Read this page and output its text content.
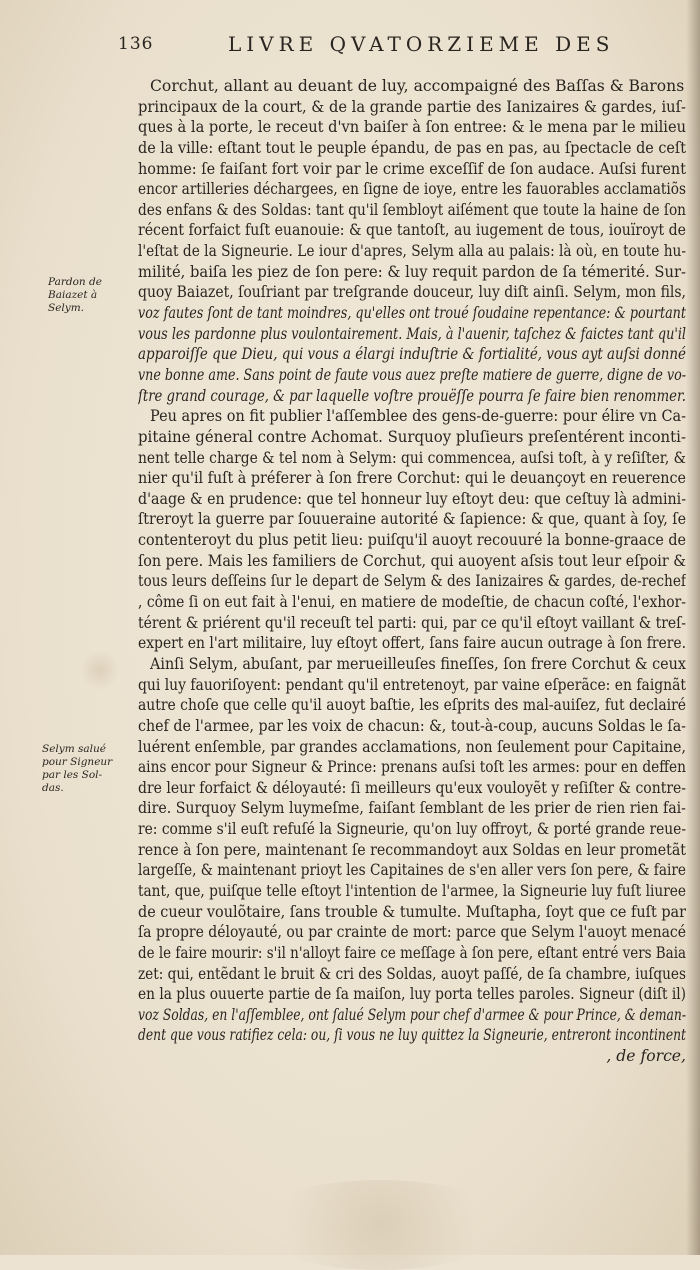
136	LIVRE QVATORZIEME DES
Pardon de
Baiazet à
Selym.
Selym salué
pour Signeur
par les Sol-
das.
Corchut, allant au deuant de luy, accompaigné des Baſſas & Barons
principaux de la court, & de la grande partie des Ianizaires & gardes, iuſ-
ques à la porte, le receut d'vn baiſer à ſon entree: & le mena par le milieu
de la ville: eſtant tout le peuple épandu, de pas en pas, au ſpectacle de ceſt
homme: ſe faiſant fort voir par le crime exceſſif de ſon audace. Auſsi furent
encor artilleries déchargees, en ſigne de ioye, entre les fauorables acclamatiõs
des enfans & des Soldas: tant qu'il ſembloyt aiſément que toute la haine de ſon
récent forfaict fuſt euanouie: & que tantoſt, au iugement de tous, iouïroyt de
l'eſtat de la Signeurie. Le iour d'apres, Selym alla au palais: là où, en toute hu-
milité, baiſa les piez de ſon pere: & luy requit pardon de ſa témerité. Sur-
quoy Baiazet, ſouſriant par treſgrande douceur, luy diſt ainſi. Selym, mon fils,
voz fautes ſont de tant moindres, qu'elles ont troué ſoudaine repentance: & pourtant
vous les pardonne plus voulontairement. Mais, à l'auenir, taſchez & faictes tant qu'il
apparoiſſe que Dieu, qui vous a élargi induſtrie & fortialité, vous ayt auſsi donné
vne bonne ame. Sans point de faute vous auez preſte matiere de guerre, digne de vo-
ſtre grand courage, & par laquelle voſtre prouëſſe pourra ſe faire bien renommer.
Peu apres on fit publier l'aſſemblee des gens-de-guerre: pour élire vn Ca-
pitaine géneral contre Achomat. Surquoy pluſieurs preſentérent inconti-
nent telle charge & tel nom à Selym: qui commencea, auſsi toſt, à y reſiſter, &
nier qu'il fuſt à préferer à ſon frere Corchut: qui le deuançoyt en reuerence
d'aage & en prudence: que tel honneur luy eſtoyt deu: que ceſtuy là admini-
ſtreroyt la guerre par ſouueraine autorité & ſapience: & que, quant à ſoy, ſe
contenteroyt du plus petit lieu: puiſqu'il auoyt recouuré la bonne-graace de
ſon pere. Mais les familiers de Corchut, qui auoyent aſsis tout leur eſpoir &
tous leurs deſſeins ſur le depart de Selym & des Ianizaires & gardes, de-rechef
, côme ſi on eut fait à l'enui, en matiere de modeſtie, de chacun coſté, l'exhor-
térent & priérent qu'il receuſt tel parti: qui, par ce qu'il eſtoyt vaillant & treſ-
expert en l'art militaire, luy eſtoyt offert, ſans faire aucun outrage à ſon frere.
Ainſi Selym, abuſant, par merueilleuſes fineſſes, ſon frere Corchut & ceux
qui luy fauoriſoyent: pendant qu'il entretenoyt, par vaine eſperãce: en faignãt
autre choſe que celle qu'il auoyt baſtie, les eſprits des mal-auiſez, fut declairé
chef de l'armee, par les voix de chacun: &, tout-à-coup, aucuns Soldas le ſa-
luérent enſemble, par grandes acclamations, non ſeulement pour Capitaine,
ains encor pour Signeur & Prince: prenans auſsi toſt les armes: pour en deffen
dre leur forfaict & déloyauté: ſi meilleurs qu'eux vouloyẽt y reſiſter & contre-
dire. Surquoy Selym luymeſme, faiſant ſemblant de les prier de rien rien fai-
re: comme s'il euſt refuſé la Signeurie, qu'on luy offroyt, & porté grande reue-
rence à ſon pere, maintenant ſe recommandoyt aux Soldas en leur prometãt
largeſſe, & maintenant prioyt les Capitaines de s'en aller vers ſon pere, & faire
tant, que, puiſque telle eſtoyt l'intention de l'armee, la Signeurie luy fuſt liuree
de cueur voulõtaire, ſans trouble & tumulte. Muſtapha, ſoyt que ce fuſt par
ſa propre déloyauté, ou par crainte de mort: parce que Selym l'auoyt menacé
de le faire mourir: s'il n'alloyt faire ce meſſage à ſon pere, eſtant entré vers Baia
zet: qui, entẽdant le bruit & cri des Soldas, auoyt paſſé, de ſa chambre, iuſques
en la plus ouuerte partie de ſa maiſon, luy porta telles paroles. Signeur (diſt il)
voz Soldas, en l'aſſemblee, ont ſalué Selym pour chef d'armee & pour Prince, & deman-
dent que vous ratifiez cela: ou, ſi vous ne luy quittez la Signeurie, entreront incontinent
, de force,
